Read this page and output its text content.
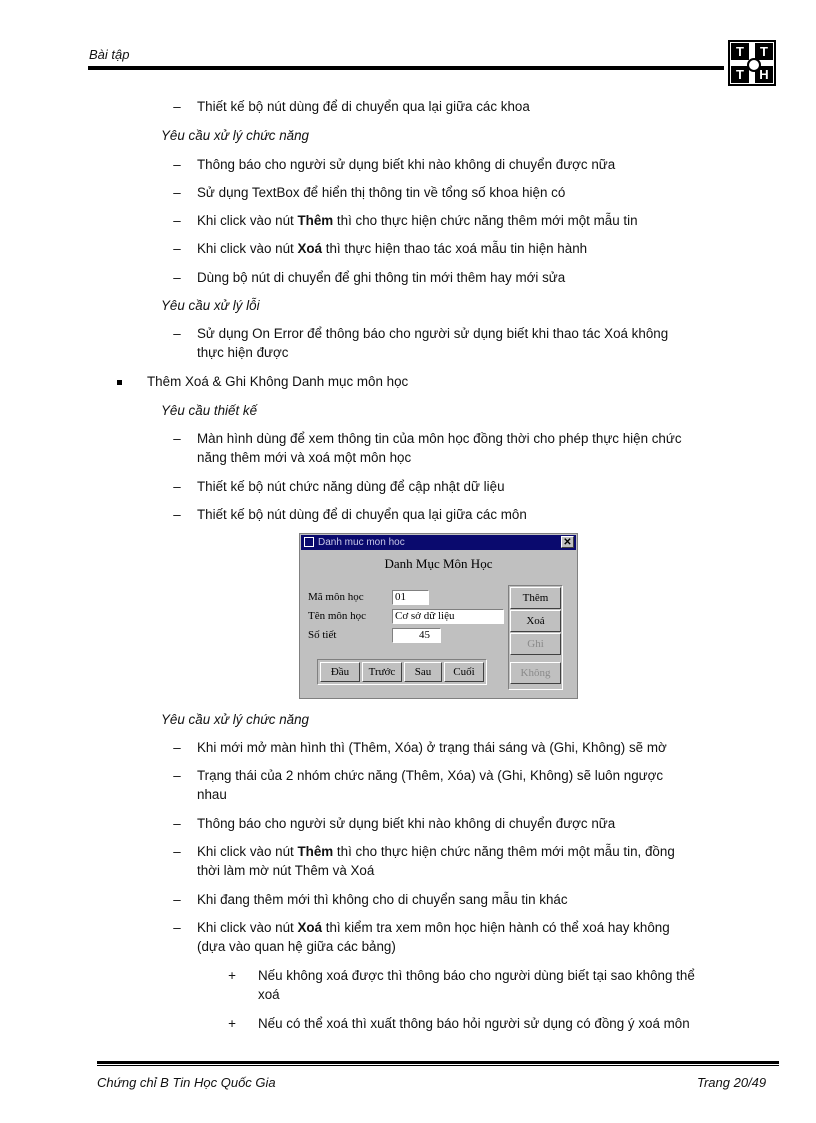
Bài tập	T	T
T	H
–	Thiết kế bộ nút dùng để di chuyển qua lại giữa các khoa
Yêu cầu xử lý chức năng
–	Thông báo cho người sử dụng biết khi nào không di chuyển được nữa
–	Sử dụng TextBox để hiển thị thông tin về tổng số khoa hiện có
–	Khi click vào nút Thêm thì cho thực hiện chức năng thêm mới một mẫu tin
–	Khi click vào nút Xoá thì thực hiện thao tác xoá mẫu tin hiện hành
–	Dùng bộ nút di chuyển để ghi thông tin mới thêm hay mới sửa
Yêu cầu xử lý lỗi
–	Sử dụng On Error để thông báo cho người sử dụng biết khi thao tác Xoá không
thực hiện được
Thêm Xoá & Ghi Không Danh mục môn học
Yêu cầu thiết kế
–	Màn hình dùng để xem thông tin của môn học đồng thời cho phép thực hiện chức
năng thêm mới và xoá một môn học
–	Thiết kế bộ nút chức năng dùng để cập nhật dữ liệu
–	Thiết kế bộ nút dùng để di chuyển qua lại giữa các môn
Danh muc mon hoc	✕
Danh Mục Môn Học
Mã môn học	01
Tên môn học	Cơ sở dữ liệu
Số tiết	45
Thêm
Xoá
Ghi
Không
Đầu	Trước	Sau	Cuối
Yêu cầu xử lý chức năng
–	Khi mới mở màn hình thì (Thêm, Xóa) ở trạng thái sáng và (Ghi, Không) sẽ mờ
–	Trạng thái của 2 nhóm chức năng (Thêm, Xóa) và (Ghi, Không) sẽ luôn ngược
nhau
–	Thông báo cho người sử dụng biết khi nào không di chuyển được nữa
–	Khi click vào nút Thêm thì cho thực hiện chức năng thêm mới một mẫu tin, đồng
thời làm mờ nút Thêm và Xoá
–	Khi đang thêm mới thì không cho di chuyển sang mẫu tin khác
–	Khi click vào nút Xoá thì kiểm tra xem môn học hiện hành có thể xoá hay không
(dựa vào quan hệ giữa các bảng)
+ Nếu không xoá được thì thông báo cho người dùng biết tại sao không thể
xoá
+ Nếu có thể xoá thì xuất thông báo hỏi người sử dụng có đồng ý xoá môn
Chứng chỉ B Tin Học Quốc Gia	Trang 20/49
